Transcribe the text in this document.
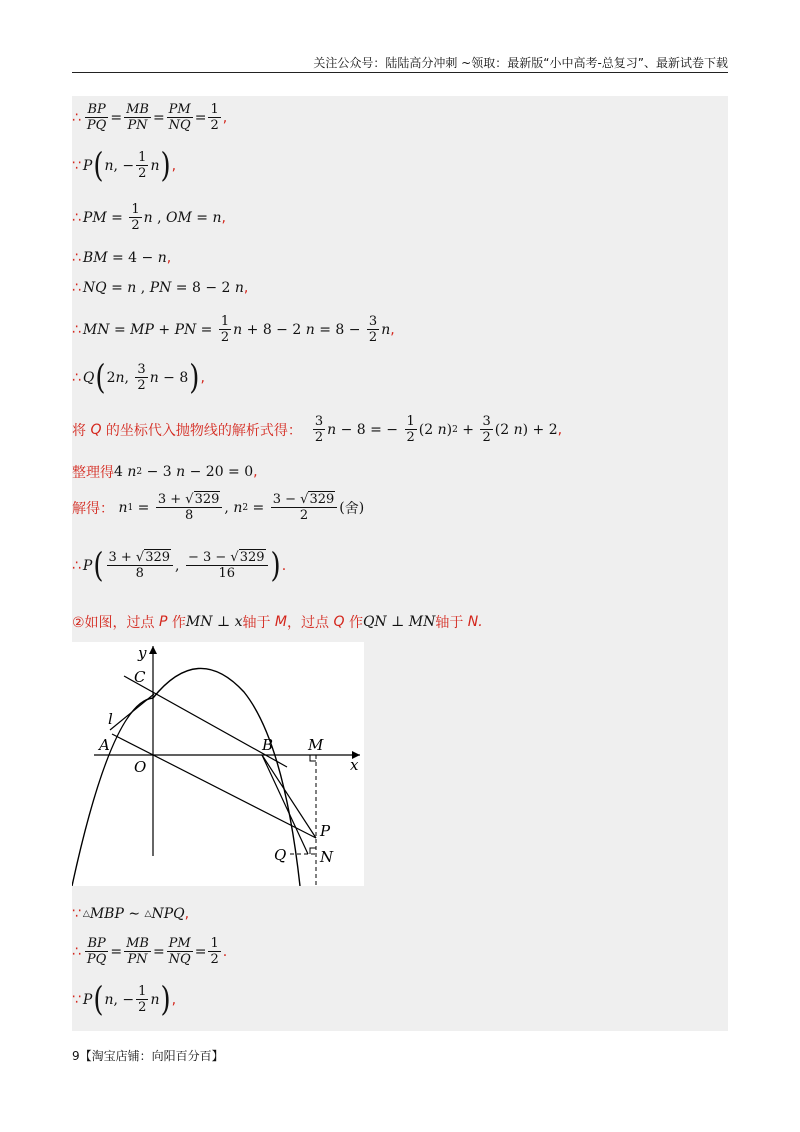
关注公众号：陆陆高分冲刺 ~领取：最新版“小中高考-总复习”、最新试卷下载
∴ $\frac{BP}{PQ} = \frac{MB}{PN} = \frac{PM}{NQ} = \frac{1}{2}$ ,
∵ P ( n , − $\frac{1}{2}$ n ) ,
∴ PM = $\frac{1}{2}$ n , OM = n ,
∴ BM = 4 − n ,
∴ NQ = n , PN = 8 − 2 n ,
∴ MN = MP + PN = $\frac{1}{2}$ n + 8 − 2 $n = 8 - \frac{3}{2}$ n ,
∴ Q ( 2 n , $\frac{3}{2}$ n − 8 ) ,
将 Q 的坐标代入抛物线的解析式得：
$\frac{3}{2}$ n − 8 = − $\frac{1}{2} (2$ n ) $2 + \frac{3}{2} (2$ n ) + 2 ,
整理得 4 n 2 − 3 n − 20 = 0 ,
解得：
n $1 = \frac{3 + √329}{8}$ , n $2 = \frac{3 - √329}{2}$ ( 舍 )
∴ P ( $\frac{3 + √329}{8}$ , $\frac{- 3 - √329}{16}$ ) .
②如图，过点 P 作 MN ⊥ x 轴于 M ，过点 Q 作 QN ⊥ MN 轴于 N.
y
x
C
l
A
O
B M
P
Q N
∵ △ MBP ∼ △ NPQ ,
∴ $\frac{BP}{PQ} = \frac{MB}{PN} = \frac{PM}{NQ} = \frac{1}{2}$ .
∵ P ( n , − $\frac{1}{2}$ n ) ,
9【淘宝店铺：向阳百分百】
